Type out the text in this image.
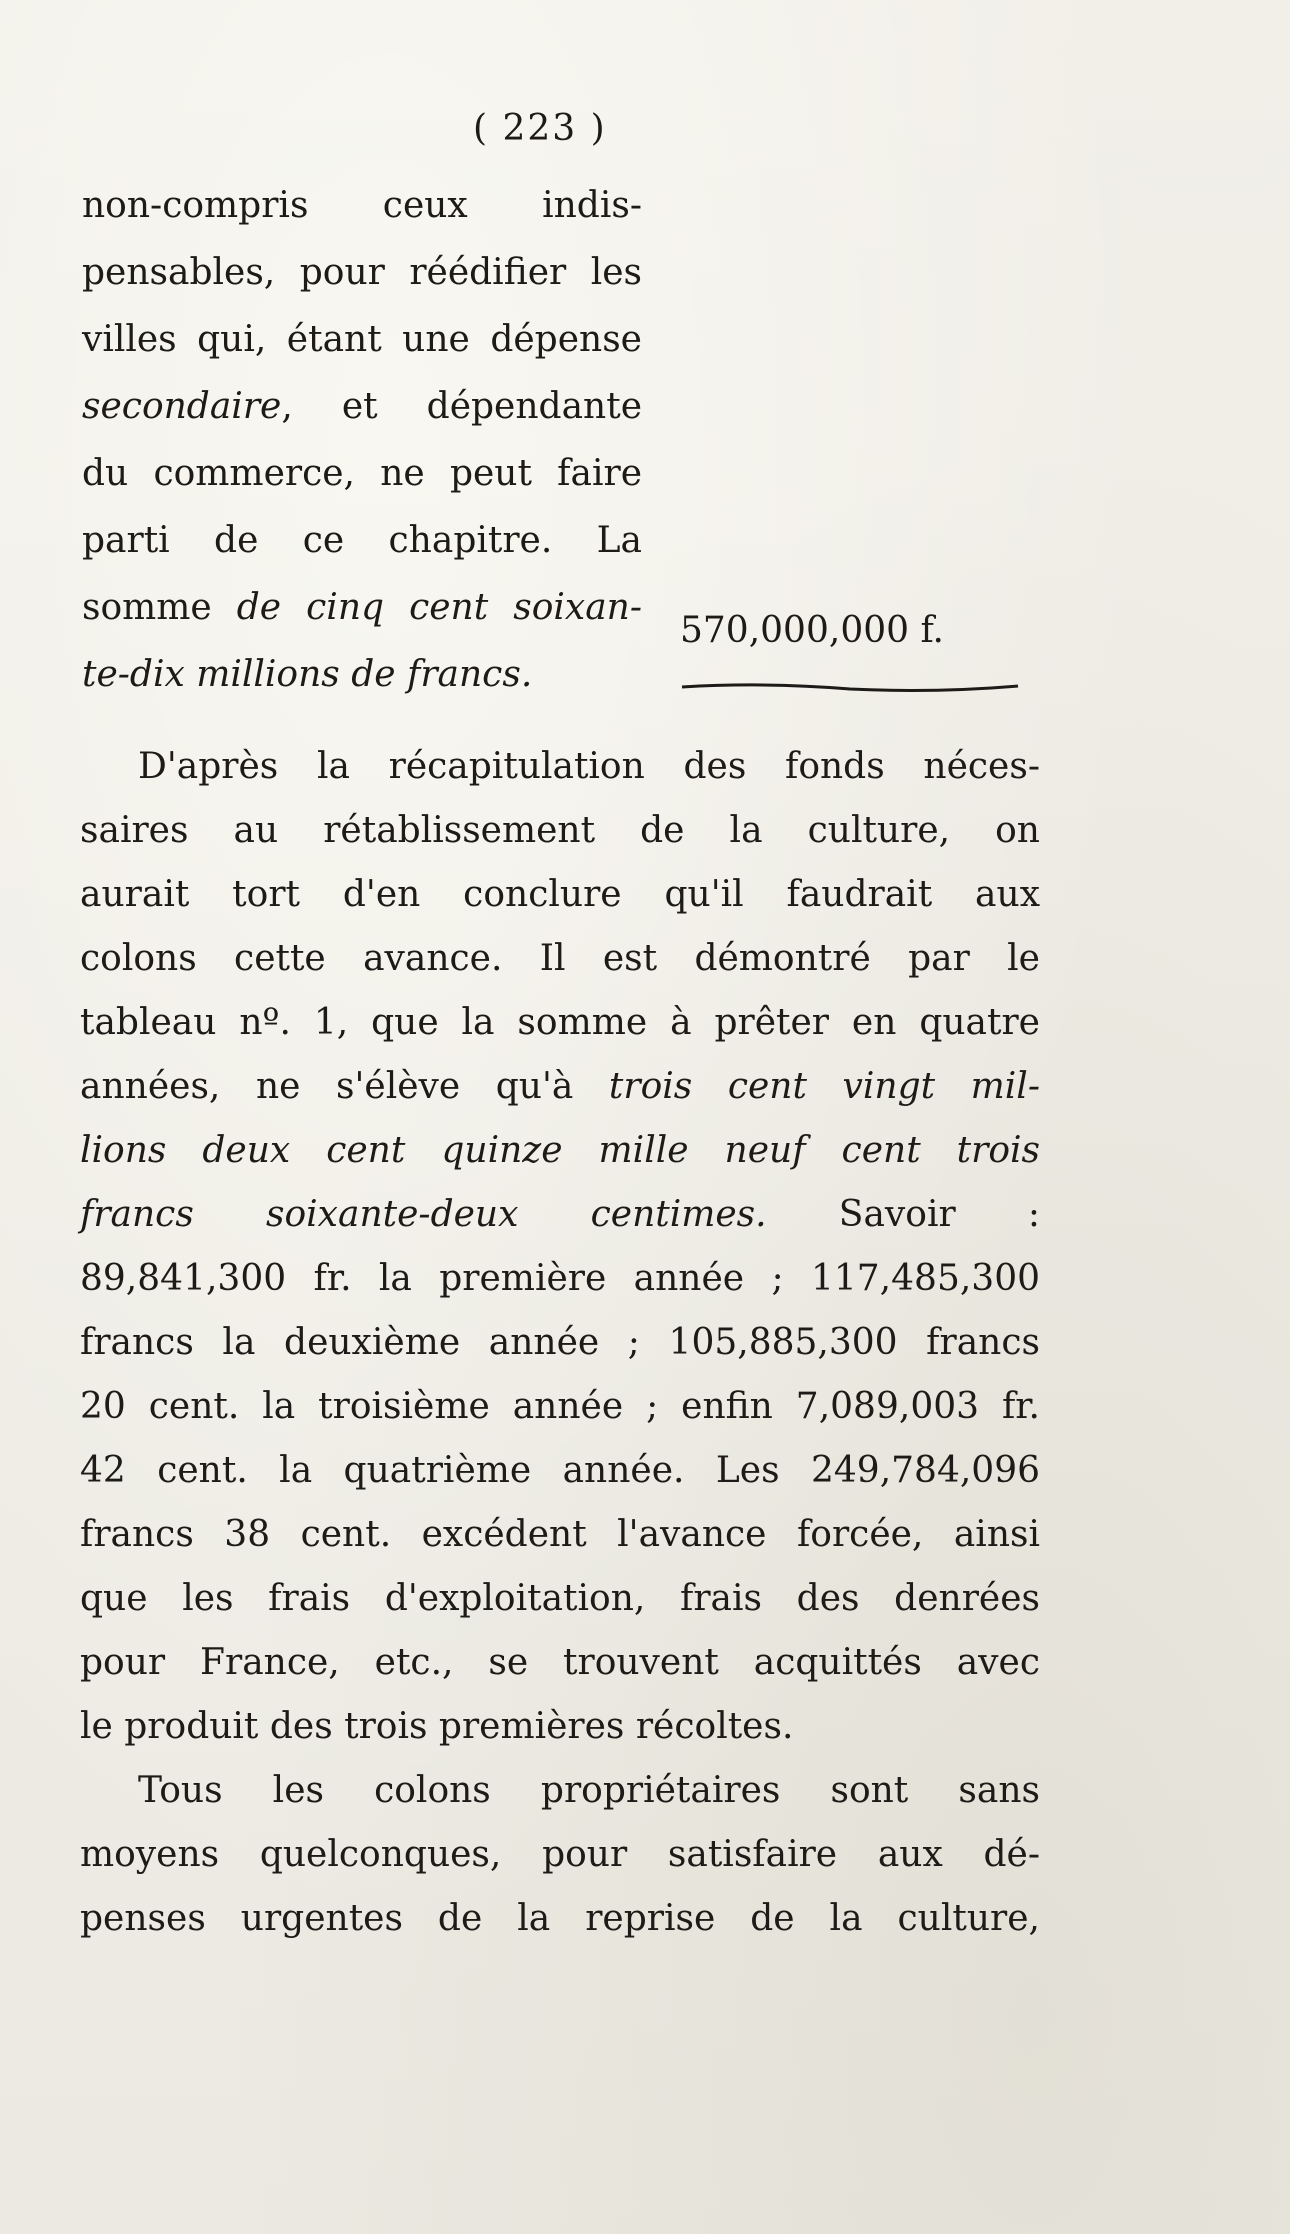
( 223 )
non-compris ceux indis-
pensables, pour réédifier les
villes qui, étant une dépense
secondaire, et dépendante
du commerce, ne peut faire
parti de ce chapitre. La
somme de cinq cent soixan-
te-dix millions de francs.
570,000,000 f.
D'après la récapitulation des fonds néces-
saires au rétablissement de la culture, on
aurait tort d'en conclure qu'il faudrait aux
colons cette avance. Il est démontré par le
tableau nº. 1, que la somme à prêter en quatre
années, ne s'élève qu'à trois cent vingt mil-
lions deux cent quinze mille neuf cent trois
francs soixante-deux centimes. Savoir :
89,841,300 fr. la première année ; 117,485,300
francs la deuxième année ; 105,885,300 francs
20 cent. la troisième année ; enfin 7,089,003 fr.
42 cent. la quatrième année. Les 249,784,096
francs 38 cent. excédent l'avance forcée, ainsi
que les frais d'exploitation, frais des denrées
pour France, etc., se trouvent acquittés avec
le produit des trois premières récoltes.
Tous les colons propriétaires sont sans
moyens quelconques, pour satisfaire aux dé-
penses urgentes de la reprise de la culture,
